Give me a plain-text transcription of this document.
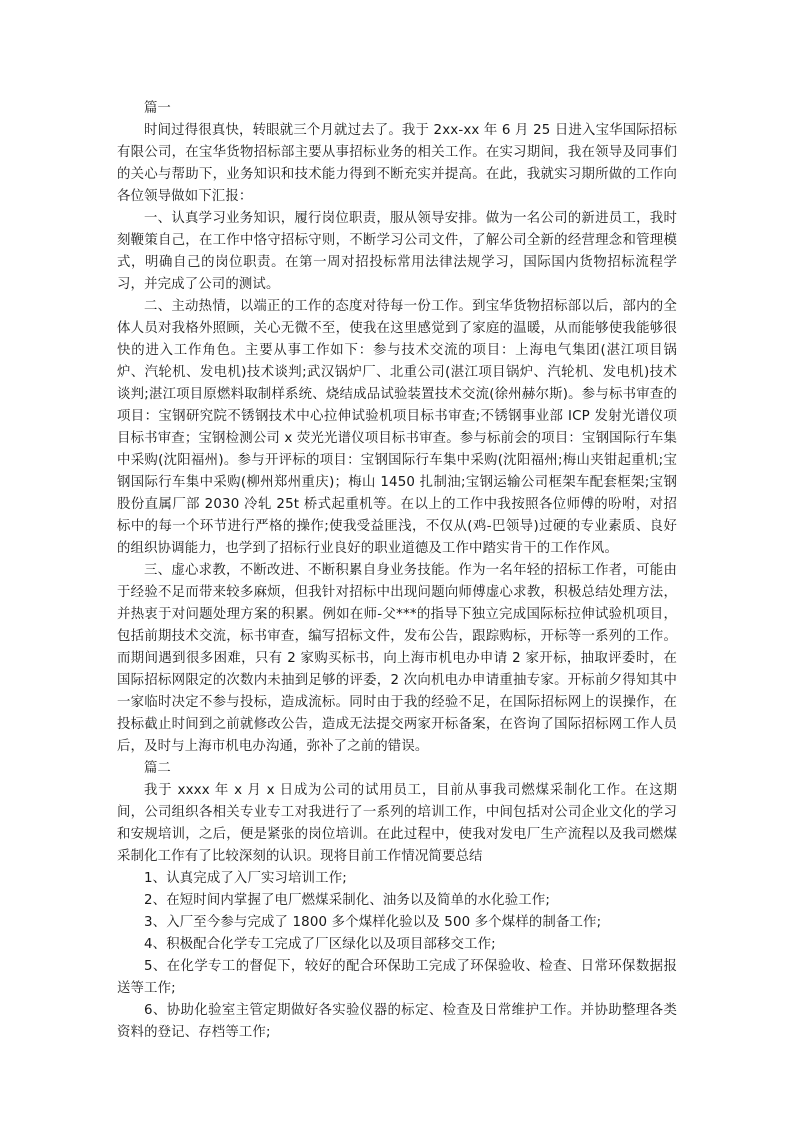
篇一

时间过得很真快，转眼就三个月就过去了。我于 2xx-xx 年 6 月 25 日进入宝华国际招标有限公司，在宝华货物招标部主要从事招标业务的相关工作。在实习期间，我在领导及同事们的关心与帮助下，业务知识和技术能力得到不断充实并提高。在此，我就实习期所做的工作向各位领导做如下汇报：

一、认真学习业务知识，履行岗位职责，服从领导安排。做为一名公司的新进员工，我时刻鞭策自己，在工作中恪守招标守则，不断学习公司文件，了解公司全新的经营理念和管理模式，明确自己的岗位职责。在第一周对招投标常用法律法规学习，国际国内货物招标流程学习，并完成了公司的测试。

二、主动热情，以端正的工作的态度对待每一份工作。到宝华货物招标部以后，部内的全体人员对我格外照顾，关心无微不至，使我在这里感觉到了家庭的温暖，从而能够使我能够很快的进入工作角色。主要从事工作如下：参与技术交流的项目：上海电气集团(湛江项目锅炉、汽轮机、发电机)技术谈判;武汉锅炉厂、北重公司(湛江项目锅炉、汽轮机、发电机)技术谈判;湛江项目原燃料取制样系统、烧结成品试验装置技术交流(徐州赫尔斯)。参与标书审查的项目：宝钢研究院不锈钢技术中心拉伸试验机项目标书审查;不锈钢事业部 ICP 发射光谱仪项目标书审查；宝钢检测公司 x 荧光光谱仪项目标书审查。参与标前会的项目：宝钢国际行车集中采购(沈阳福州)。参与开评标的项目：宝钢国际行车集中采购(沈阳福州;梅山夹钳起重机;宝钢国际行车集中采购(柳州郑州重庆)；梅山 1450 扎制油;宝钢运输公司框架车配套框架;宝钢股份直属厂部 2030 冷轧 25t 桥式起重机等。在以上的工作中我按照各位师傅的吩咐，对招标中的每一个环节进行严格的操作;使我受益匪浅，不仅从(鸡-巴领导)过硬的专业素质、良好的组织协调能力，也学到了招标行业良好的职业道德及工作中踏实肯干的工作作风。

三、虚心求教，不断改进、不断积累自身业务技能。作为一名年轻的招标工作者，可能由于经验不足而带来较多麻烦，但我针对招标中出现问题向师傅虚心求教，积极总结处理方法，并热衷于对问题处理方案的积累。例如在师-父***的指导下独立完成国际标拉伸试验机项目，包括前期技术交流，标书审查，编写招标文件，发布公告，跟踪购标，开标等一系列的工作。而期间遇到很多困难，只有 2 家购买标书，向上海市机电办申请 2 家开标，抽取评委时，在国际招标网限定的次数内未抽到足够的评委，2 次向机电办申请重抽专家。开标前夕得知其中一家临时决定不参与投标，造成流标。同时由于我的经验不足，在国际招标网上的误操作，在投标截止时间到之前就修改公告，造成无法提交两家开标备案，在咨询了国际招标网工作人员后，及时与上海市机电办沟通，弥补了之前的错误。

篇二

我于 xxxx 年 x 月 x 日成为公司的试用员工，目前从事我司燃煤采制化工作。在这期间，公司组织各相关专业专工对我进行了一系列的培训工作，中间包括对公司企业文化的学习和安规培训，之后，便是紧张的岗位培训。在此过程中，使我对发电厂生产流程以及我司燃煤采制化工作有了比较深刻的认识。现将目前工作情况简要总结

1、认真完成了入厂实习培训工作;

2、在短时间内掌握了电厂燃煤采制化、油务以及简单的水化验工作;

3、入厂至今参与完成了 1800 多个煤样化验以及 500 多个煤样的制备工作;

4、积极配合化学专工完成了厂区绿化以及项目部移交工作;

5、在化学专工的督促下，较好的配合环保助工完成了环保验收、检查、日常环保数据报送等工作;

6、协助化验室主管定期做好各实验仪器的标定、检查及日常维护工作。并协助整理各类资料的登记、存档等工作;
